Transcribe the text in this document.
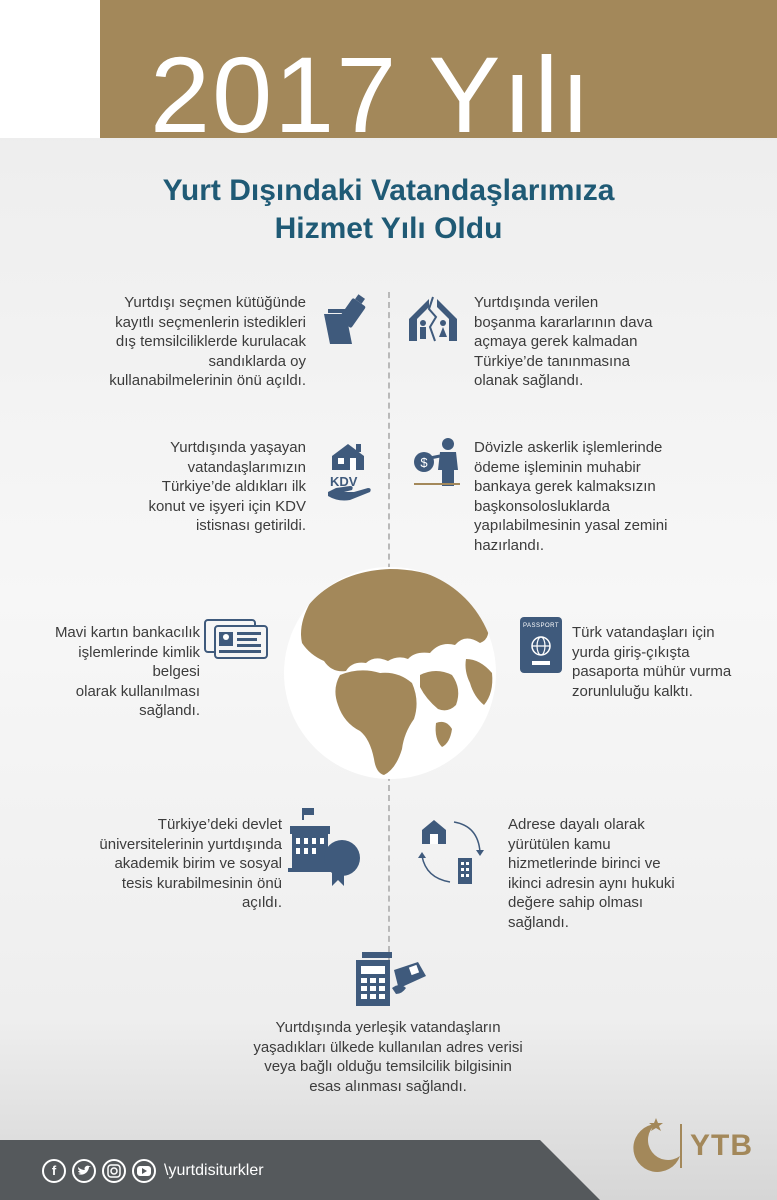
2017 Yılı
Yurt Dışındaki Vatandaşlarımıza
Hizmet Yılı Oldu
Yurtdışı seçmen kütüğünde
kayıtlı seçmenlerin istedikleri
dış temsilciliklerde kurulacak
sandıklarda oy
kullanabilmelerinin önü açıldı.
Yurtdışında verilen
boşanma kararlarının dava
açmaya gerek kalmadan
Türkiye’de tanınmasına
olanak sağlandı.
Yurtdışında yaşayan
vatandaşlarımızın
Türkiye’de aldıkları ilk
konut ve işyeri için KDV
istisnası getirildi.
KDV
$
Dövizle askerlik işlemlerinde
ödeme işleminin muhabir
bankaya gerek kalmaksızın
başkonsolosluklarda
yapılabilmesinin yasal zemini
hazırlandı.
Mavi kartın bankacılık
işlemlerinde kimlik belgesi
olarak kullanılması
sağlandı.
PASSPORT Türk vatandaşları için
yurda giriş-çıkışta
pasaporta mühür vurma
zorunluluğu kalktı.
Türkiye’deki devlet
üniversitelerinin yurtdışında
akademik birim ve sosyal
tesis kurabilmesinin önü
açıldı.
Adrese dayalı olarak
yürütülen kamu
hizmetlerinde birinci ve
ikinci adresin aynı hukuki
değere sahip olması
sağlandı.
Yurtdışında yerleşik vatandaşların
yaşadıkları ülkede kullanılan adres verisi
veya bağlı olduğu temsilcilik bilgisinin
esas alınması sağlandı.
f	\yurtdisiturkler
YTB
